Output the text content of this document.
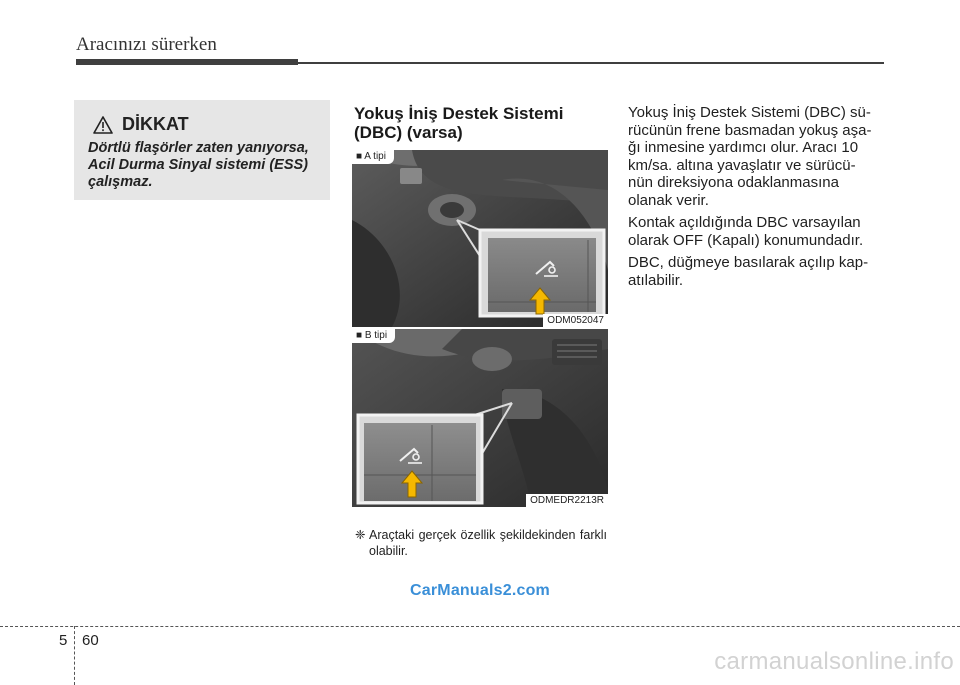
Aracınızı sürerken
DİKKAT
Dörtlü flaşörler zaten yanıyorsa,
Acil Durma Sinyal sistemi (ESS)
çalışmaz.
Yokuş İniş Destek Sistemi
(DBC) (varsa)
■ A tipi
ODM052047
■ B tipi
ODMEDR2213R
❈ Araçtaki gerçek özellik şekildekinden farklı olabilir.

Yokuş İniş Destek Sistemi (DBC) sü-
rücünün frene basmadan yokuş aşa-
ğı inmesine yardımcı olur. Aracı 10
km/sa. altına yavaşlatır ve sürücü-
nün direksiyona odaklanmasına
olanak verir.

Kontak açıldığında DBC varsayılan
olarak OFF (Kapalı) konumundadır.

DBC, düğmeye basılarak açılıp kap-
atılabilir.

CarManuals2.com
5 60
carmanualsonline.info
